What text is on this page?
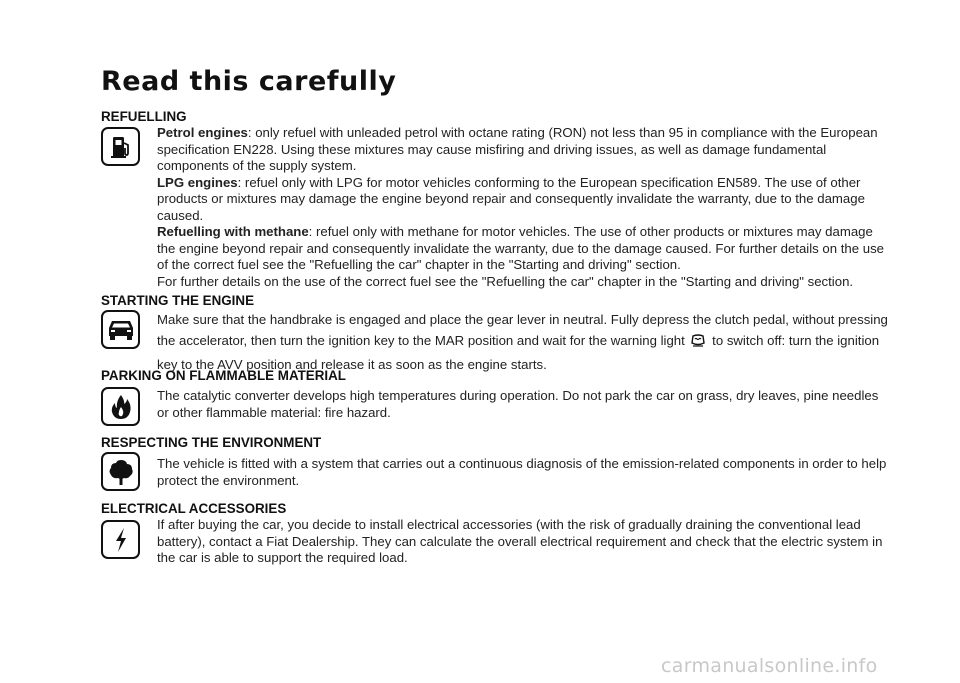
Read this carefully
REFUELLING

Petrol engines: only refuel with unleaded petrol with octane rating (RON) not less than 95 in compliance with the European specification EN228. Using these mixtures may cause misfiring and driving issues, as well as damage fundamental components of the supply system.

LPG engines: refuel only with LPG for motor vehicles conforming to the European specification EN589. The use of other products or mixtures may damage the engine beyond repair and consequently invalidate the warranty, due to the damage caused.

Refuelling with methane: refuel only with methane for motor vehicles. The use of other products or mixtures may damage the engine beyond repair and consequently invalidate the warranty, due to the damage caused. For further details on the use of the correct fuel see the "Refuelling the car" chapter in the "Starting and driving" section.

For further details on the use of the correct fuel see the "Refuelling the car" chapter in the "Starting and driving" section.

STARTING THE ENGINE

Make sure that the handbrake is engaged and place the gear lever in neutral. Fully depress the clutch pedal, without pressing the accelerator, then turn the ignition key to the MAR position and wait for the warning light to switch off: turn the ignition key to the AVV position and release it as soon as the engine starts.

PARKING ON FLAMMABLE MATERIAL

The catalytic converter develops high temperatures during operation. Do not park the car on grass, dry leaves, pine needles or other flammable material: fire hazard.

RESPECTING THE ENVIRONMENT

The vehicle is fitted with a system that carries out a continuous diagnosis of the emission-related components in order to help protect the environment.

ELECTRICAL ACCESSORIES

If after buying the car, you decide to install electrical accessories (with the risk of gradually draining the conventional lead battery), contact a Fiat Dealership. They can calculate the overall electrical requirement and check that the electric system in the car is able to support the required load.

carmanualsonline.info
